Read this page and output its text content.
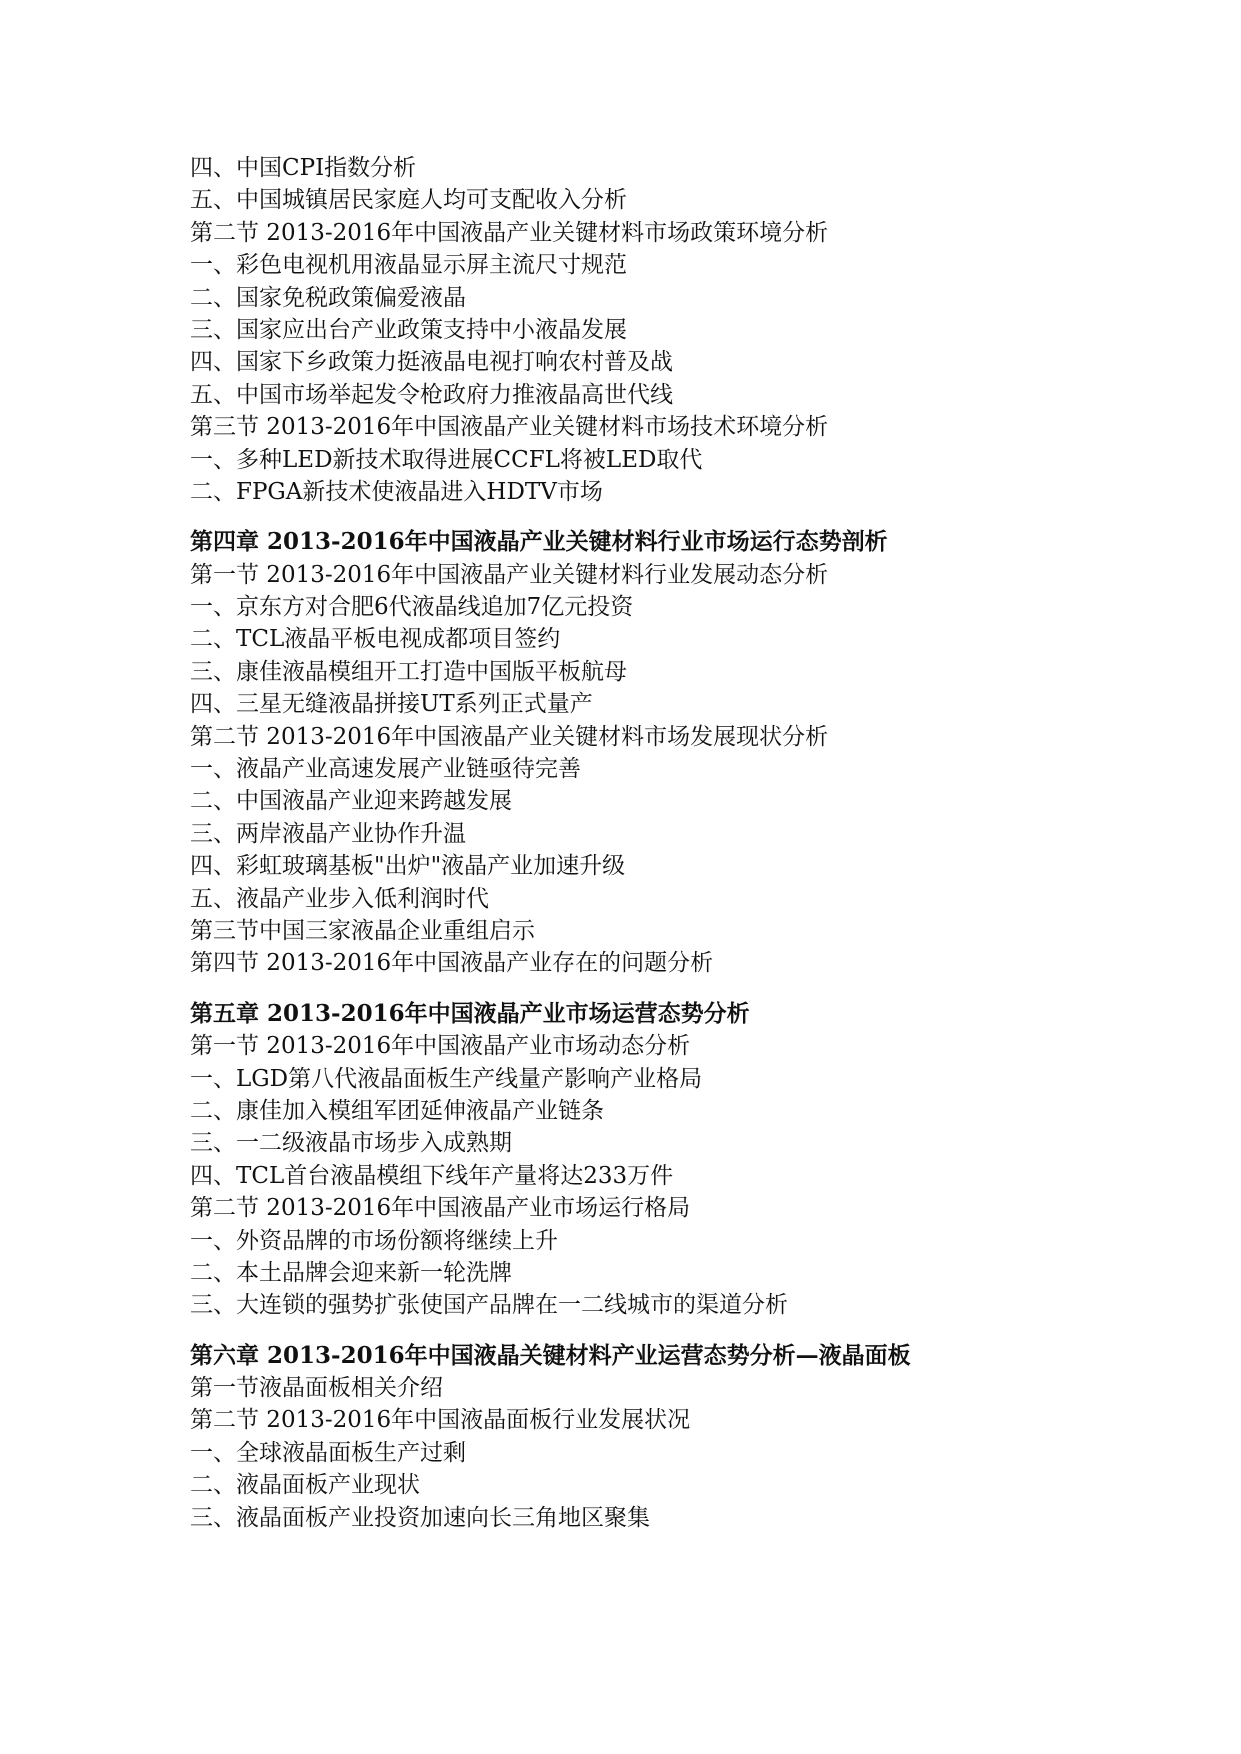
四、中国CPI指数分析
五、中国城镇居民家庭人均可支配收入分析
第二节 2013-2016年中国液晶产业关键材料市场政策环境分析
一、彩色电视机用液晶显示屏主流尺寸规范
二、国家免税政策偏爱液晶
三、国家应出台产业政策支持中小液晶发展
四、国家下乡政策力挺液晶电视打响农村普及战
五、中国市场举起发令枪政府力推液晶高世代线
第三节 2013-2016年中国液晶产业关键材料市场技术环境分析
一、多种LED新技术取得进展CCFL将被LED取代
二、FPGA新技术使液晶进入HDTV市场
第四章 2013-2016年中国液晶产业关键材料行业市场运行态势剖析
第一节 2013-2016年中国液晶产业关键材料行业发展动态分析
一、京东方对合肥6代液晶线追加7亿元投资
二、TCL液晶平板电视成都项目签约
三、康佳液晶模组开工打造中国版平板航母
四、三星无缝液晶拼接UT系列正式量产
第二节 2013-2016年中国液晶产业关键材料市场发展现状分析
一、液晶产业高速发展产业链亟待完善
二、中国液晶产业迎来跨越发展
三、两岸液晶产业协作升温
四、彩虹玻璃基板"出炉"液晶产业加速升级
五、液晶产业步入低利润时代
第三节中国三家液晶企业重组启示
第四节 2013-2016年中国液晶产业存在的问题分析
第五章 2013-2016年中国液晶产业市场运营态势分析
第一节 2013-2016年中国液晶产业市场动态分析
一、LGD第八代液晶面板生产线量产影响产业格局
二、康佳加入模组军团延伸液晶产业链条
三、一二级液晶市场步入成熟期
四、TCL首台液晶模组下线年产量将达233万件
第二节 2013-2016年中国液晶产业市场运行格局
一、外资品牌的市场份额将继续上升
二、本土品牌会迎来新一轮洗牌
三、大连锁的强势扩张使国产品牌在一二线城市的渠道分析
第六章 2013-2016年中国液晶关键材料产业运营态势分析—液晶面板
第一节液晶面板相关介绍
第二节 2013-2016年中国液晶面板行业发展状况
一、全球液晶面板生产过剩
二、液晶面板产业现状
三、液晶面板产业投资加速向长三角地区聚集
